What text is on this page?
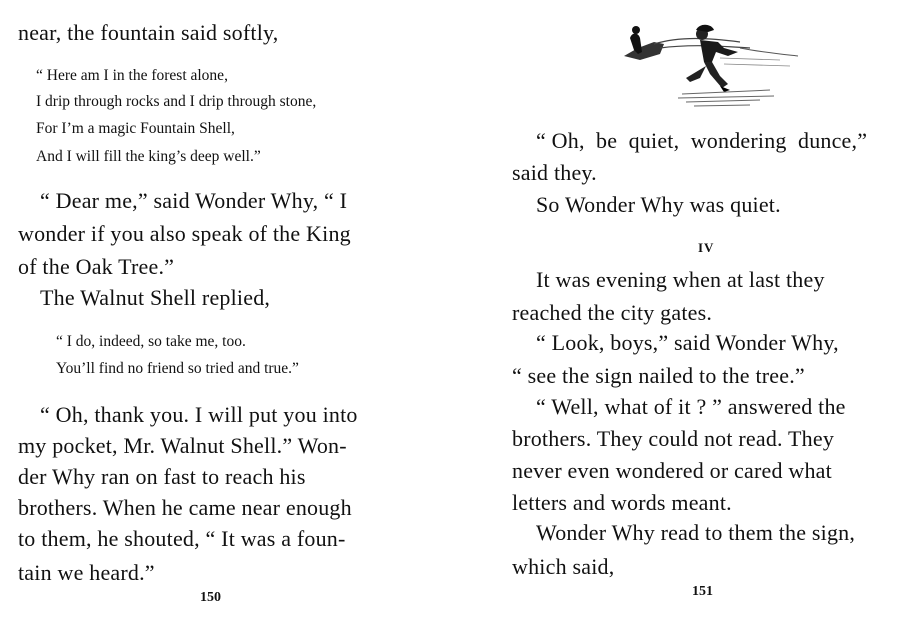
near, the fountain said softly,
“ Here am I in the forest alone,
I drip through rocks and I drip through stone,
For I’m a magic Fountain Shell,
And I will fill the king’s deep well.”
“ Dear me,” said Wonder Why, “ I
wonder if you also speak of the King
of the Oak Tree.”
The Walnut Shell replied,
“ I do, indeed, so take me, too.
You’ll find no friend so tried and true.”
“ Oh, thank you. I will put you into
my pocket, Mr. Walnut Shell.” Won-
der Why ran on fast to reach his
brothers. When he came near enough
to them, he shouted, “ It was a foun-
tain we heard.”
150
“ Oh,  be  quiet,  wondering  dunce,”
said they.
So Wonder Why was quiet.
IV
It was evening when at last they
reached the city gates.
“ Look, boys,” said Wonder Why,
“ see the sign nailed to the tree.”
“ Well, what of it ? ” answered the
brothers. They could not read. They
never even wondered or cared what
letters and words meant.
Wonder Why read to them the sign,
which said,
151
